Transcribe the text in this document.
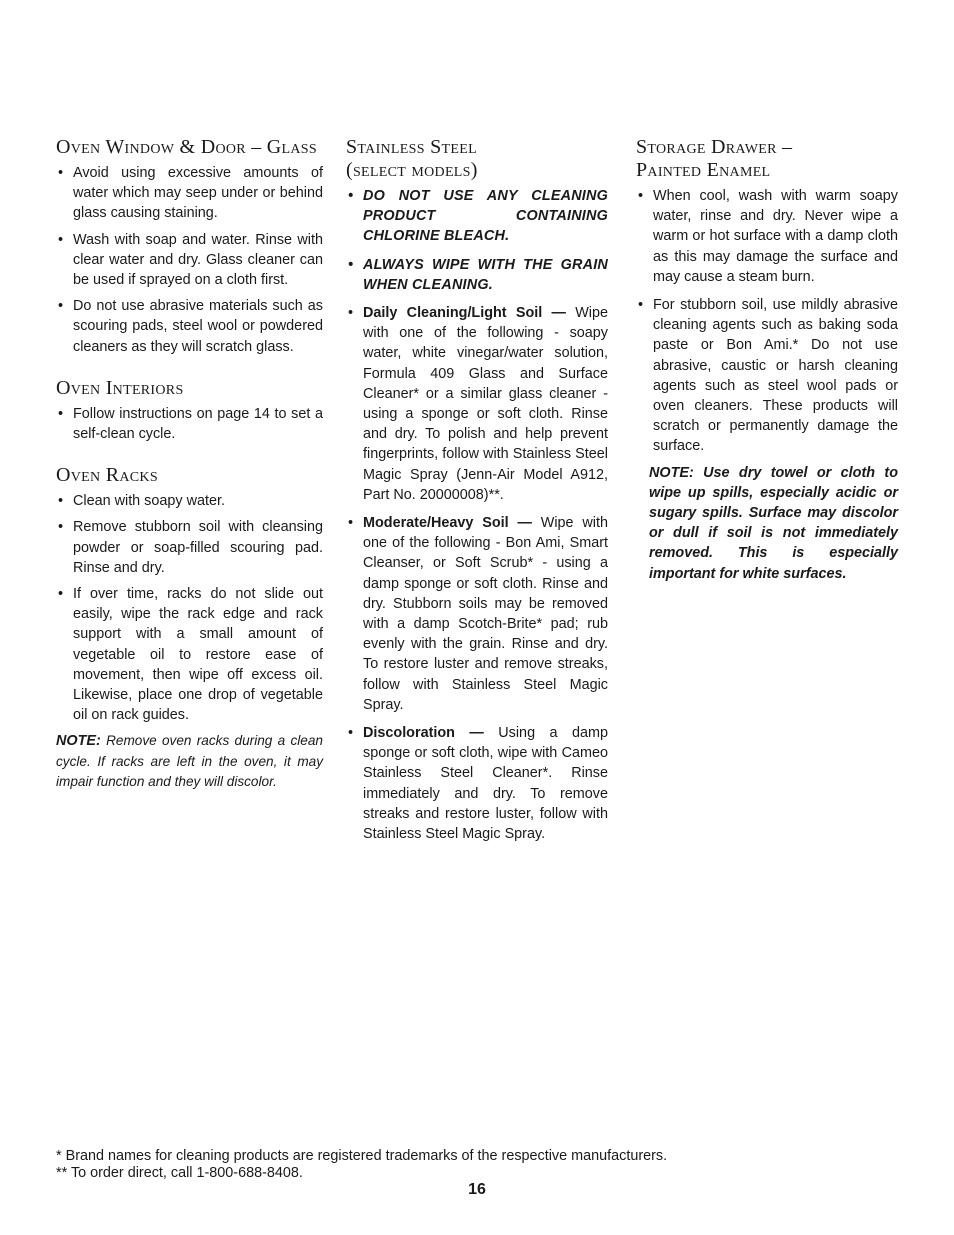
Oven Window & Door – Glass
• Avoid using excessive amounts of water which may seep under or behind glass causing staining.
• Wash with soap and water. Rinse with clear water and dry. Glass cleaner can be used if sprayed on a cloth first.
• Do not use abrasive materials such as scouring pads, steel wool or powdered cleaners as they will scratch glass.
Oven Interiors
• Follow instructions on page 14 to set a self-clean cycle.
Oven Racks
• Clean with soapy water.
• Remove stubborn soil with cleansing powder or soap-filled scouring pad. Rinse and dry.
• If over time, racks do not slide out easily, wipe the rack edge and rack support with a small amount of vegetable oil to restore ease of movement, then wipe off excess oil. Likewise, place one drop of vegetable oil on rack guides.

NOTE: Remove oven racks during a clean cycle. If racks are left in the oven, it may impair function and they will discolor.

Stainless Steel
(select models)
• DO NOT USE ANY CLEANING PRODUCT CONTAINING CHLORINE BLEACH.
• ALWAYS WIPE WITH THE GRAIN WHEN CLEANING.
• Daily Cleaning/Light Soil — Wipe with one of the following - soapy water, white vinegar/water solution, Formula 409 Glass and Surface Cleaner* or a similar glass cleaner - using a sponge or soft cloth. Rinse and dry. To polish and help prevent fingerprints, follow with Stainless Steel Magic Spray (Jenn-Air Model A912, Part No. 20000008)**.
• Moderate/Heavy Soil — Wipe with one of the following - Bon Ami, Smart Cleanser, or Soft Scrub* - using a damp sponge or soft cloth. Rinse and dry. Stubborn soils may be removed with a damp Scotch-Brite* pad; rub evenly with the grain. Rinse and dry. To restore luster and remove streaks, follow with Stainless Steel Magic Spray.
• Discoloration — Using a damp sponge or soft cloth, wipe with Cameo Stainless Steel Cleaner*. Rinse immediately and dry. To remove streaks and restore luster, follow with Stainless Steel Magic Spray.
Storage Drawer –
Painted Enamel
• When cool, wash with warm soapy water, rinse and dry. Never wipe a warm or hot surface with a damp cloth as this may damage the surface and may cause a steam burn.
• For stubborn soil, use mildly abrasive cleaning agents such as baking soda paste or Bon Ami.* Do not use abrasive, caustic or harsh cleaning agents such as steel wool pads or oven cleaners. These products will scratch or permanently damage the surface.

NOTE: Use dry towel or cloth to wipe up spills, especially acidic or sugary spills. Surface may discolor or dull if soil is not immediately removed. This is especially important for white surfaces.

* Brand names for cleaning products are registered trademarks of the respective manufacturers.
** To order direct, call 1-800-688-8408.
16
